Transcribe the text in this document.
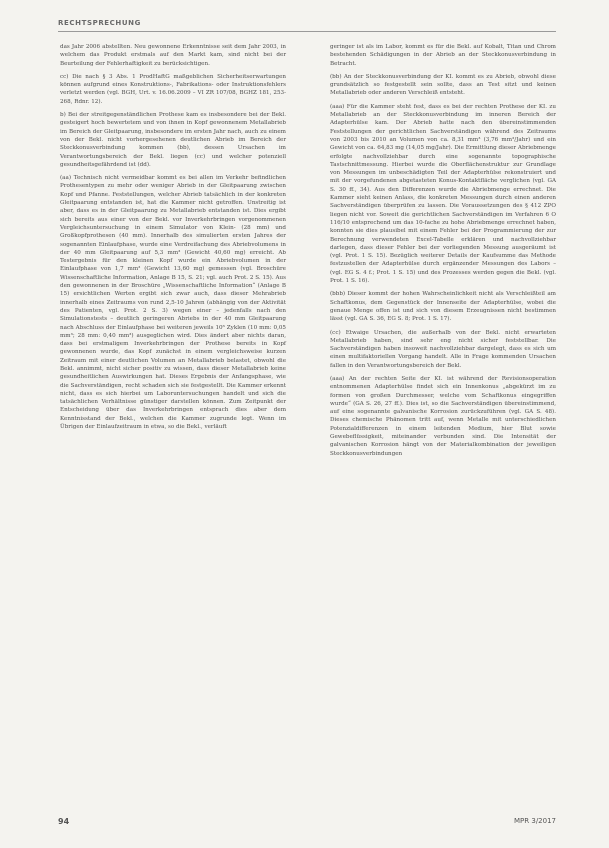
RECHTSPRECHUNG

das Jahr 2006 abstellten. Neu gewonnene Erkenntnisse seit dem Jahr 2003, in welchem das Produkt erstmals auf den Markt kam, sind nicht bei der Beurteilung der Fehlerhaftigkeit zu berücksichtigen.

cc) Die nach § 3 Abs. 1 ProdHaftG maßgeblichen Sicherheitserwartungen können aufgrund eines Konstruktions-, Fabrikations- oder Instruktionsfehlers verletzt werden (vgl. BGH, Urt. v. 16.06.2009 – VI ZR 107/08, BGHZ 181, 253-268, Rdnr. 12).

b) Bei der streitgegenständlichen Prothese kam es insbesondere bei der Bekl. gesteigert hoch bewertetem und von ihnen in Kopf gewonnenem Metallabrieb im Bereich der Gleitpaarung, insbesondere im ersten Jahr nach, auch zu einem von der Bekl. nicht vorhergesehenen deutlichen Abrieb im Bereich der Steckkonusverbindung kommen (bb), dessen Ursachen im Verantwortungsbereich der Bekl. liegen (cc) und welcher potenziell gesundheitsgefährdend ist (dd).

(aa) Technisch nicht vermeidbar kommt es bei allen im Verkehr befindlichen Prothesentypen zu mehr oder weniger Abrieb in der Gleitpaarung zwischen Kopf und Pfanne. Feststellungen, welcher Abrieb tatsächlich in der konkreten Gleitpaarung entstanden ist, hat die Kammer nicht getroffen. Unstreitig ist aber, dass es in der Gleitpaarung zu Metallabrieb entstanden ist. Dies ergibt sich bereits aus einer von der Bekl. vor Inverkehrbringen vorgenommenen Vergleichsuntersuchung in einem Simulator von Klein- (28 mm) und Großkopfprothesen (40 mm). Innerhalb des simulierten ersten Jahres der sogenannten Einlaufphase, wurde eine Verdreifachung des Abriebvolumens in der 40 mm Gleitpaarung auf 5,3 mm³ (Gewicht 40,60 mg) erreicht. Ab Testergebnis für den kleinen Kopf wurde ein Abriebvolumen in der Einlaufphase von 1,7 mm³ (Gewicht 13,60 mg) gemessen (vgl. Broschüre Wissenschaftliche Information, Anlage B 15, S. 21; vgl. auch Prot. 2 S. 15). Aus den gewonnenen in der Broschüre „Wissenschaftliche Information“ (Anlage B 15) ersichtlichen Werten ergibt sich zwar auch, dass dieser Mehrabrieb innerhalb eines Zeitraums von rund 2,5-10 Jahren (abhängig von der Aktivität des Patienten, vgl. Prot. 2 S. 3) wegen einer – jedenfalls nach den Simulationstests – deutlich geringeren Abriebs in der 40 mm Gleitpaarung nach Abschluss der Einlaufphase bei weiteren jeweils 10⁶ Zyklen (10 mm: 0,05 mm³; 28 mm: 0,40 mm³) ausgeglichen wird. Dies ändert aber nichts daran, dass bei erstmaligem Inverkehrbringen der Prothese bereits in Kopf gewonnenen wurde, das Kopf zunächst in einem vergleichsweise kurzen Zeitraum mit einer deutlichen Volumen an Metallabrieb belastet, obwohl die Bekl. annimmt, nicht sicher positiv zu wissen, dass dieser Metallabrieb keine gesundheitlichen Auswirkungen hat. Dieses Ergebnis der Anfangsphase, wie die Sachverständigen, recht schaden sich sie festgestellt. Die Kammer erkennt nicht, dass es sich hierbei um Laboruntersuchungen handelt und sich die tatsächlichen Verhältnisse günstiger darstellen können. Zum Zeitpunkt der Entscheidung über das Inverkehrbringen entsprach dies aber dem Kenntnisstand der Bekl., welchen die Kammer zugrunde legt. Wenn im Übrigen der Einlaufzeitraum in etwa, so die Bekl., verläuft

geringer ist als im Labor, kommt es für die Bekl. auf Kobalt, Titan und Chrom bestehenden Schädigungen in der Abrieb an der Steckkonusverbindung in Betracht.

(bb) An der Steckkonusverbindung der KI. kommt es zu Abrieb, obwohl diese grundsätzlich so festgestellt sein sollte, dass an Test sitzt und keinen Metallabrieb oder anderen Verschleiß entsteht.

(aaa) Für die Kammer steht fest, dass es bei der rechten Prothese der KI. zu Metallabrieb an der Steckkonusverbindung im inneren Bereich der Adapterhülse kam. Der Abrieb hatte nach den übereinstimmenden Feststellungen der gerichtlichen Sachverständigen während des Zeitraums von 2003 bis 2010 an Volumen von ca. 8,31 mm³ (3,76 mm³/Jahr) und ein Gewicht von ca. 64,83 mg (14,05 mg/Jahr). Die Ermittlung dieser Abriebmenge erfolgte nachvollziehbar durch eine sogenannte topographische Tastschnittmessung. Hierbei wurde die Oberflächenstruktur zur Grundlage von Messungen im unbeschädigten Teil der Adapterhülse rekonstruiert und mit der vorgefundenen abgetasteten Konus-Kontaktfläche verglichen (vgl. GA S. 30 ff., 34). Aus den Differenzen wurde die Abriebmenge errechnet. Die Kammer sieht keinen Anlass, die konkreten Messungen durch einen anderen Sachverständigen überprüfen zu lassen. Die Voraussetzungen des § 412 ZPO liegen nicht vor. Soweit die gerichtlichen Sachverständigen im Verfahren 6 O 116/10 entsprechend um das 10-fache zu hohe Abriebmenge errechnet haben, konnten sie dies plausibel mit einem Fehler bei der Programmierung der zur Berechnung verwendeten Excel-Tabelle erklären und nachvollziehbar darlegen, dass dieser Fehler bei der vorliegenden Messung ausgeräumt ist (vgl. Prot. 1 S. 15). Bezüglich weiterer Details der Kaufsumme das Methode festzustellen der Adapterhülse durch ergänzender Messungen des Labors – (vgl. EG S. 4 f.; Prot. 1 S. 15) und des Prozesses werden gegen die Bekl. (vgl. Prot. 1 S. 16).

(bbb) Dieser kommt der hohen Wahrscheinlichkeit nicht als Verschleißteil am Schaftkonus, dem Gegenstück der Innenseite der Adapterhülse, wobei die genaue Menge offen ist und sich von diesem Erzeugnissen nicht bestimmen lässt (vgl. GA S. 36, EG S. 8; Prot. 1 S. 17).

(cc) Etwaige Ursachen, die außerhalb von der Bekl. nicht erwarteten Metallabrieb haben, sind sehr eng nicht sicher feststellbar. Die Sachverständigen haben insoweit nachvollziehbar dargelegt, dass es sich um einen multifaktoriellen Vorgang handelt. Alle in Frage kommenden Ursachen fallen in den Verantwortungsbereich der Bekl.

(aaa) An der rechten Seite der KI. ist während der Revisionsoperation entnommenen Adapterhülse findet sich ein Innenkonus „abgekürzt im zu formen von großen Durchmesser, welche vom Schaftkonus eingegriffen wurde“ (GA S. 26, 27 ff.). Dies ist, so die Sachverständigen übereinstimmend, auf eine sogenannte galvanische Korrosion zurückzuführen (vgl. GA S. 48). Dieses chemische Phänomen tritt auf, wenn Metalle mit unterschiedlichen Potenzialdifferenzen in einem leitenden Medium, hier Blut sowie Gewebeflüssigkeit, miteinander verbunden sind. Die Intensität der galvanischen Korrosion hängt von der Materialkombination der jeweiligen Steckkonusverbindungen

94	MPR 3/2017
